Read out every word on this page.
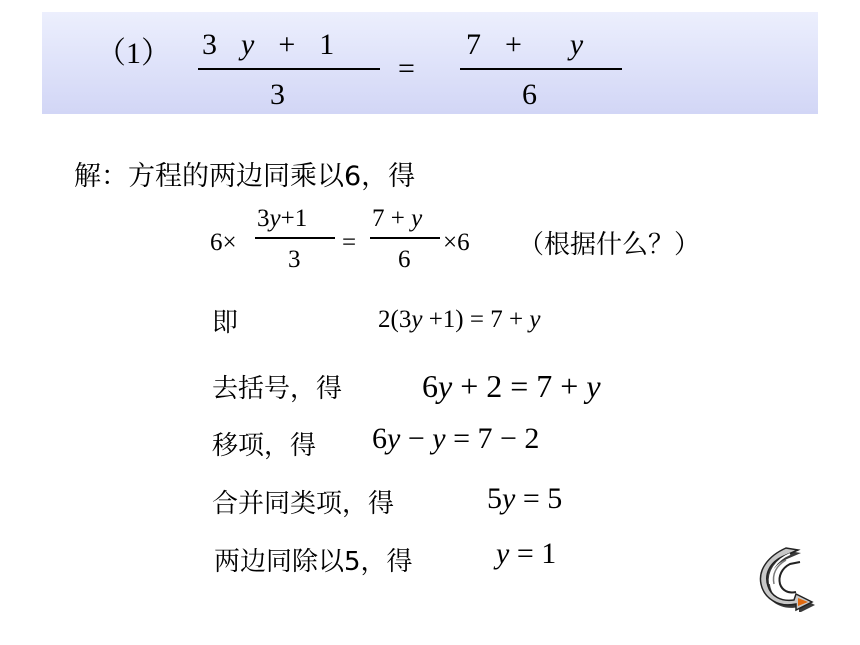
（1） 3 y + 1
3
=
7 + y
6
解：方程的两边同乘以6，得
6×
3y+1
3
=
7 + y
6
×6 （根据什么？）
即	2(3y +1) = 7 + y
去括号，得 6y + 2 = 7 + y
移项，得 6y − y = 7 − 2
合并同类项，得	5y = 5
两边同除以5，得	y = 1
